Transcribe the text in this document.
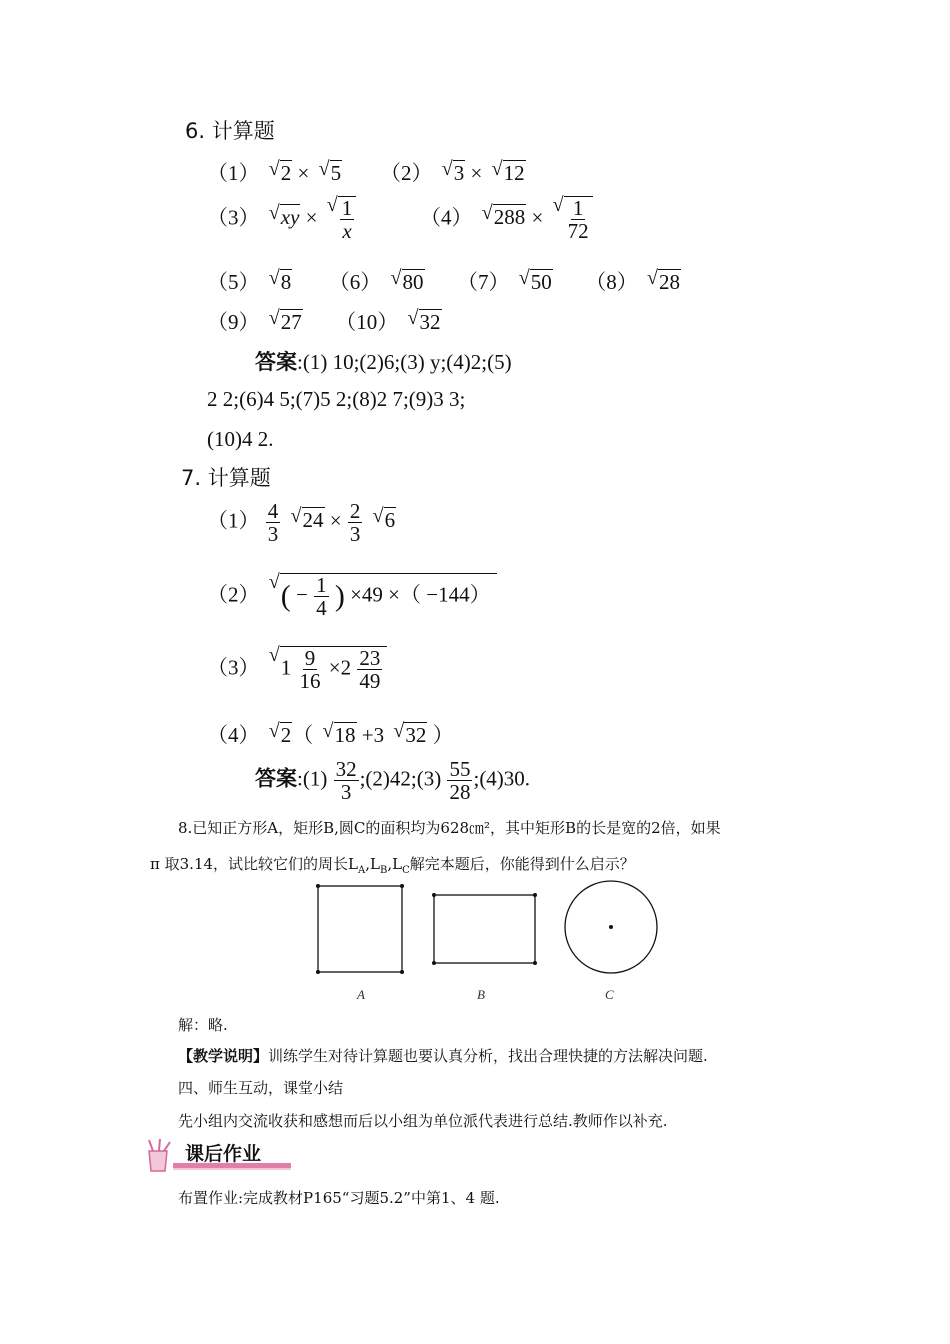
6. 计算题
（1） √ 2 × √ 5 （2） √ 3 × √ 12
（3） √ xy × √ $\frac{1}{x}$	（4） √ 288 × √ $\frac{1}{72}$
（5） √ 8 （6） √ 80 （7） √ 50 （8） √ 28
（9） √ 27 （10） √ 32
答案:(1) 10;(2)6;(3) y;(4)2;(5)
2 2;(6)4 5;(7)5 2;(8)2 7;(9)3 3;
(10)4 2.
7. 计算题
$(1) \frac{4}{3}$ √ $24 \times \frac{2}{3}$ √ 6
（2） √ ( − $\frac{1}{4}$ ) ×49 ×（ −144）
（3） √ $1 \frac{9}{16} \times 2 \frac{23}{49}$
（4） √ 2（ √ 18 +3 √ 32 ）
答案:(1) $\frac{32}{3}$ ;(2)42;(3) $\frac{55}{28}$ ;(4)30.
8.已知正方形A，矩形B,圆C的面积均为628㎝²，其中矩形B的长是宽的2倍，如果
π 取3.14，试比较它们的周长$L_A,L_B,L_C$解完本题后，你能得到什么启示？
A	B	C
解：略.
【教学说明】训练学生对待计算题也要认真分析，找出合理快捷的方法解决问题.
四、师生互动，课堂小结
先小组内交流收获和感想而后以小组为单位派代表进行总结.教师作以补充.
课后作业
布置作业:完成教材P165“习题5.2”中第1、4 题.
